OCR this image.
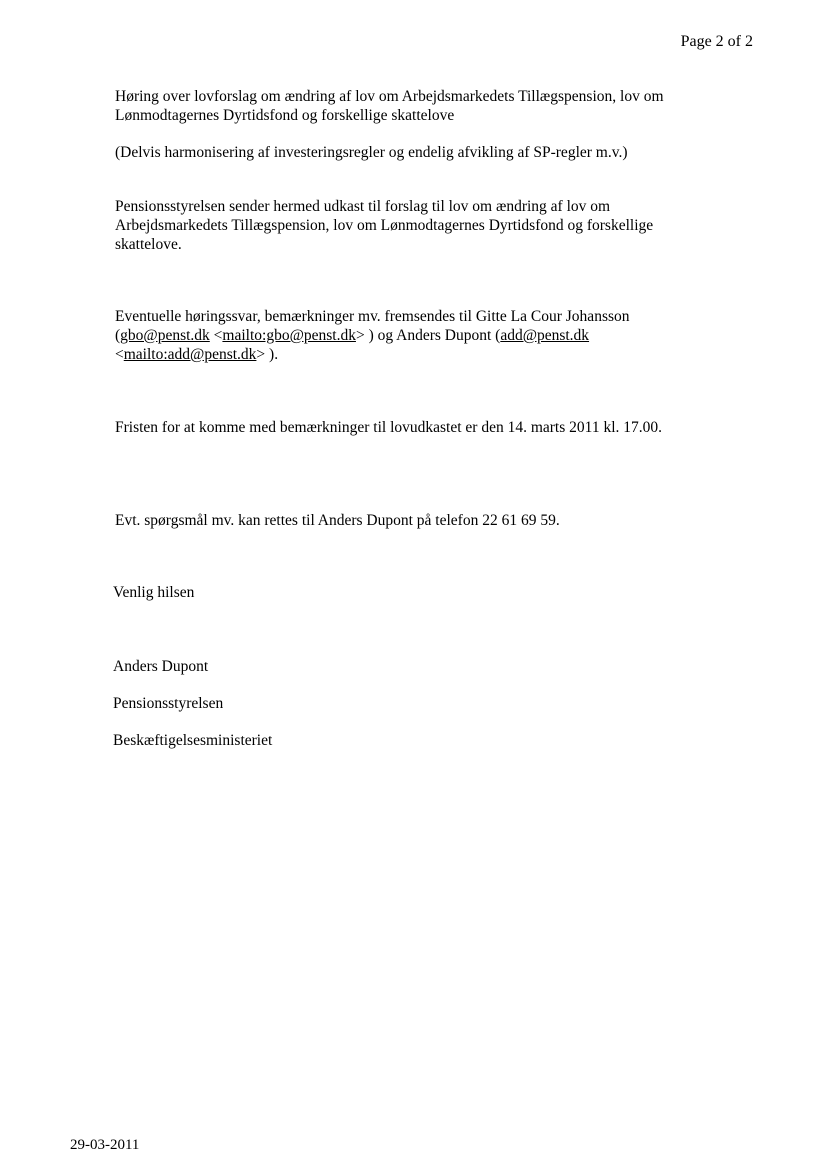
Page 2 of 2
Høring over lovforslag om ændring af lov om Arbejdsmarkedets Tillægspension, lov om
Lønmodtagernes Dyrtidsfond og forskellige skattelove
(Delvis harmonisering af investeringsregler og endelig afvikling af SP-regler m.v.)
Pensionsstyrelsen sender hermed udkast til forslag til lov om ændring af lov om
Arbejdsmarkedets Tillægspension, lov om Lønmodtagernes Dyrtidsfond og forskellige
skattelove.
Eventuelle høringssvar, bemærkninger mv. fremsendes til Gitte La Cour Johansson
(gbo@penst.dk <mailto:gbo@penst.dk> ) og Anders Dupont (add@penst.dk
<mailto:add@penst.dk> ).
Fristen for at komme med bemærkninger til lovudkastet er den 14. marts 2011 kl. 17.00.
Evt. spørgsmål mv. kan rettes til Anders Dupont på telefon 22 61 69 59.
Venlig hilsen
Anders Dupont
Pensionsstyrelsen
Beskæftigelsesministeriet
29-03-2011
